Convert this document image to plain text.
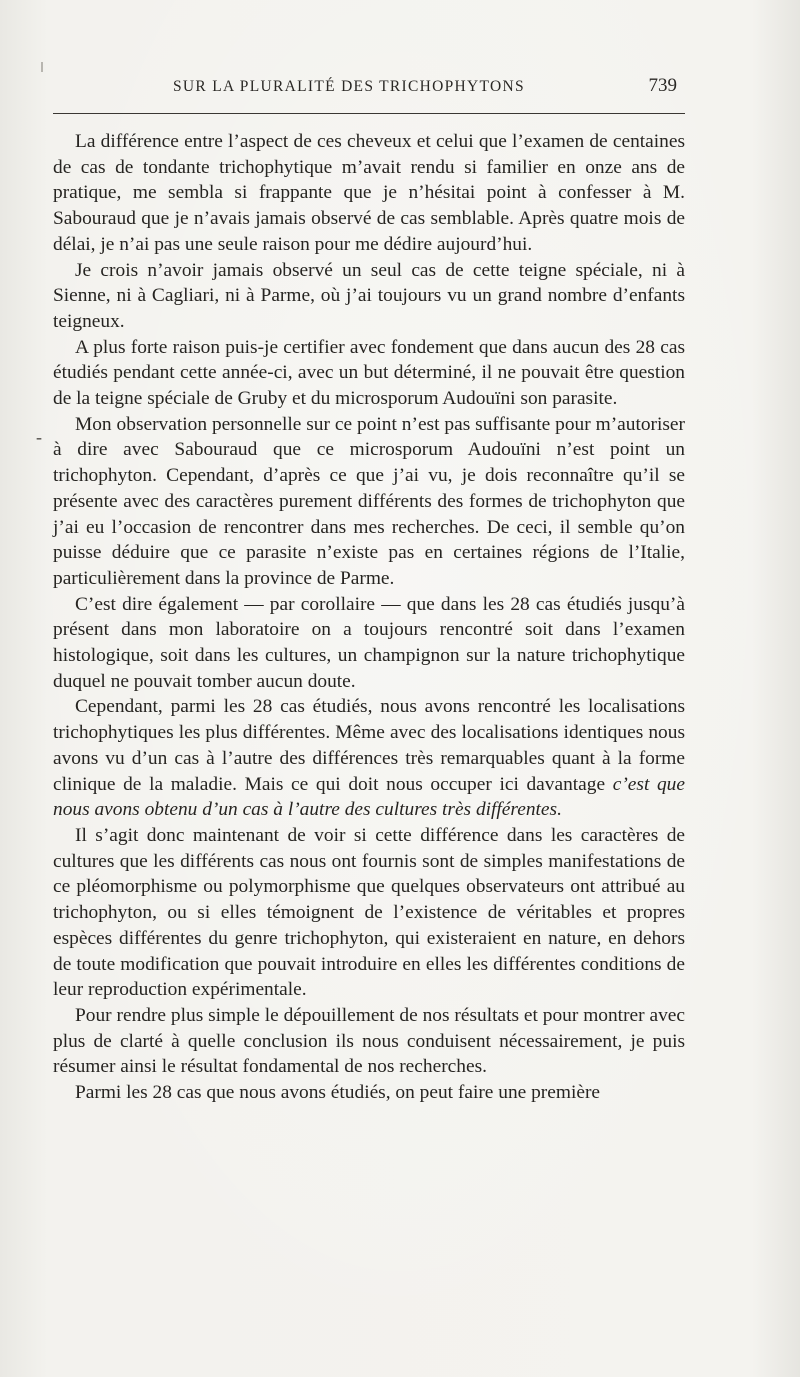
SUR LA PLURALITÉ DES TRICHOPHYTONS	739
-

La différence entre l’aspect de ces cheveux et celui que l’examen de centaines de cas de tondante trichophytique m’avait rendu si familier en onze ans de pratique, me sembla si frappante que je n’hésitai point à confesser à M. Sabouraud que je n’avais jamais observé de cas semblable. Après quatre mois de délai, je n’ai pas une seule raison pour me dédire aujourd’hui.

Je crois n’avoir jamais observé un seul cas de cette teigne spéciale, ni à Sienne, ni à Cagliari, ni à Parme, où j’ai toujours vu un grand nombre d’enfants teigneux.

A plus forte raison puis-je certifier avec fondement que dans aucun des 28 cas étudiés pendant cette année-ci, avec un but déterminé, il ne pouvait être question de la teigne spéciale de Gruby et du microsporum Audouïni son parasite.

Mon observation personnelle sur ce point n’est pas suffisante pour m’autoriser à dire avec Sabouraud que ce microsporum Audouïni n’est point un trichophyton. Cependant, d’après ce que j’ai vu, je dois reconnaître qu’il se présente avec des caractères purement différents des formes de trichophyton que j’ai eu l’occasion de rencontrer dans mes recherches. De ceci, il semble qu’on puisse déduire que ce parasite n’existe pas en certaines régions de l’Italie, particulièrement dans la province de Parme.

C’est dire également — par corollaire — que dans les 28 cas étudiés jusqu’à présent dans mon laboratoire on a toujours rencontré soit dans l’examen histologique, soit dans les cultures, un champignon sur la nature trichophytique duquel ne pouvait tomber aucun doute.

Cependant, parmi les 28 cas étudiés, nous avons rencontré les localisations trichophytiques les plus différentes. Même avec des localisations identiques nous avons vu d’un cas à l’autre des différences très remarquables quant à la forme clinique de la maladie. Mais ce qui doit nous occuper ici davantage c’est que nous avons obtenu d’un cas à l’autre des cultures très différentes.

Il s’agit donc maintenant de voir si cette différence dans les caractères de cultures que les différents cas nous ont fournis sont de simples manifestations de ce pléomorphisme ou polymorphisme que quelques observateurs ont attribué au trichophyton, ou si elles témoignent de l’existence de véritables et propres espèces différentes du genre trichophyton, qui existeraient en nature, en dehors de toute modification que pouvait introduire en elles les différentes conditions de leur reproduction expérimentale.

Pour rendre plus simple le dépouillement de nos résultats et pour montrer avec plus de clarté à quelle conclusion ils nous conduisent nécessairement, je puis résumer ainsi le résultat fondamental de nos recherches.

Parmi les 28 cas que nous avons étudiés, on peut faire une première
